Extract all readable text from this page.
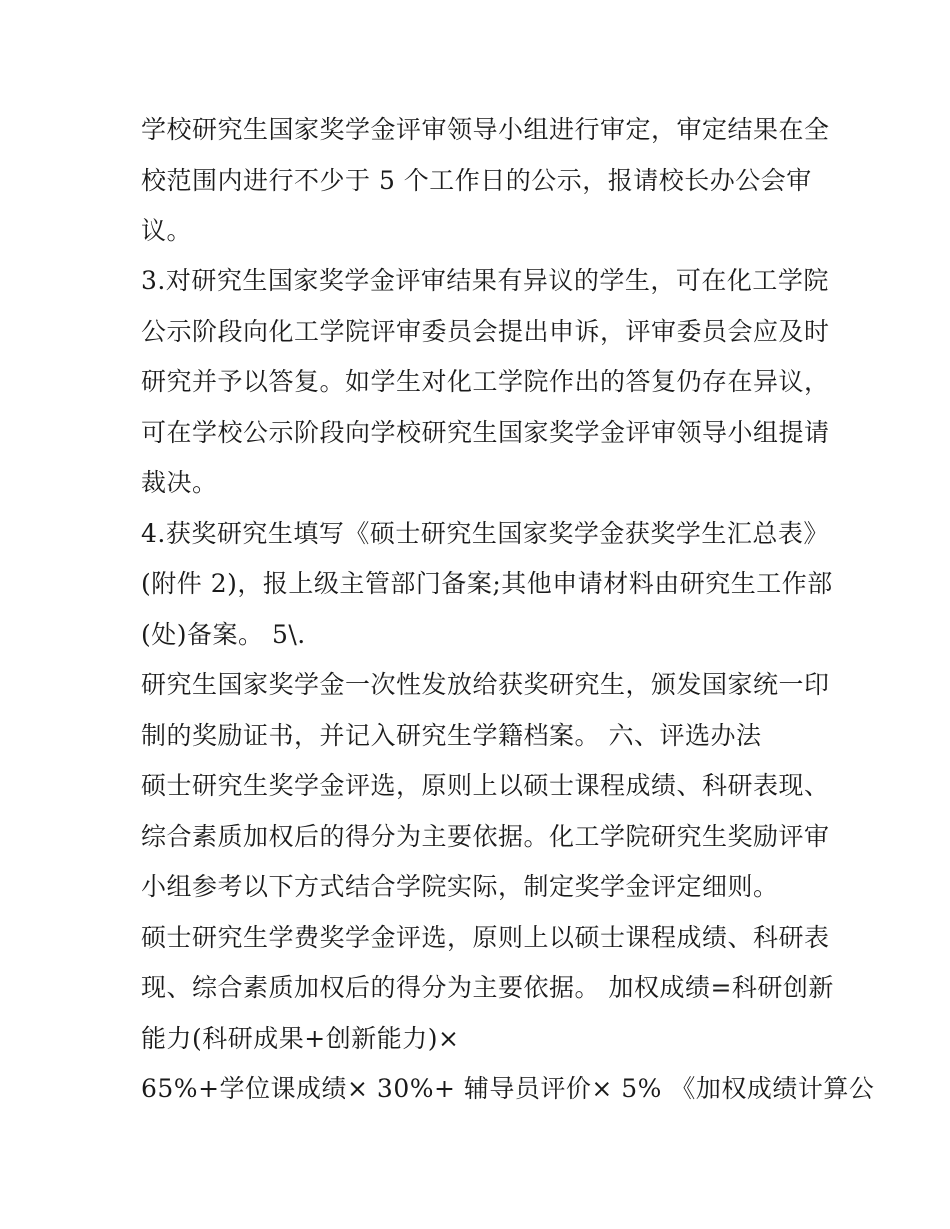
学校研究生国家奖学金评审领导小组进行审定，审定结果在全
校范围内进行不少于 5 个工作日的公示，报请校长办公会审
议。
3.对研究生国家奖学金评审结果有异议的学生，可在化工学院
公示阶段向化工学院评审委员会提出申诉，评审委员会应及时
研究并予以答复。如学生对化工学院作出的答复仍存在异议，
可在学校公示阶段向学校研究生国家奖学金评审领导小组提请
裁决。
4.获奖研究生填写《硕士研究生国家奖学金获奖学生汇总表》
(附件 2)，报上级主管部门备案;其他申请材料由研究生工作部
(处)备案。 5\.
研究生国家奖学金一次性发放给获奖研究生，颁发国家统一印
制的奖励证书，并记入研究生学籍档案。 六、评选办法
硕士研究生奖学金评选，原则上以硕士课程成绩、科研表现、
综合素质加权后的得分为主要依据。化工学院研究生奖励评审
小组参考以下方式结合学院实际，制定奖学金评定细则。
硕士研究生学费奖学金评选，原则上以硕士课程成绩、科研表
现、综合素质加权后的得分为主要依据。 加权成绩=科研创新
能力(科研成果+创新能力)×
65%+学位课成绩× 30%+ 辅导员评价× 5% 《加权成绩计算公
